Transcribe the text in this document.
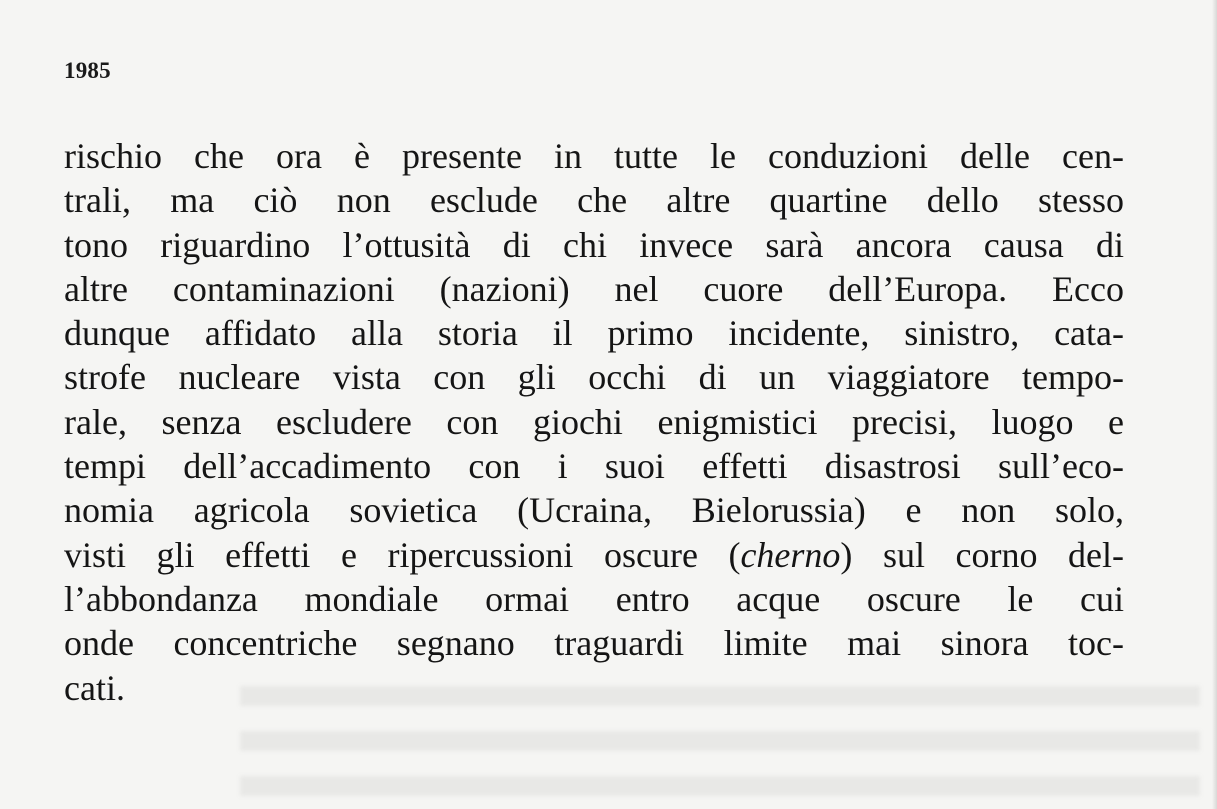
1985
rischio che ora è presente in tutte le conduzioni delle cen-
trali, ma ciò non esclude che altre quartine dello stesso
tono riguardino l’ottusità di chi invece sarà ancora causa di
altre contaminazioni (nazioni) nel cuore dell’Europa. Ecco
dunque affidato alla storia il primo incidente, sinistro, cata-
strofe nucleare vista con gli occhi di un viaggiatore tempo-
rale, senza escludere con giochi enigmistici precisi, luogo e
tempi dell’accadimento con i suoi effetti disastrosi sull’eco-
nomia agricola sovietica (Ucraina, Bielorussia) e non solo,
visti gli effetti e ripercussioni oscure (cherno) sul corno del-
l’abbondanza mondiale ormai entro acque oscure le cui
onde concentriche segnano traguardi limite mai sinora toc-
cati.
